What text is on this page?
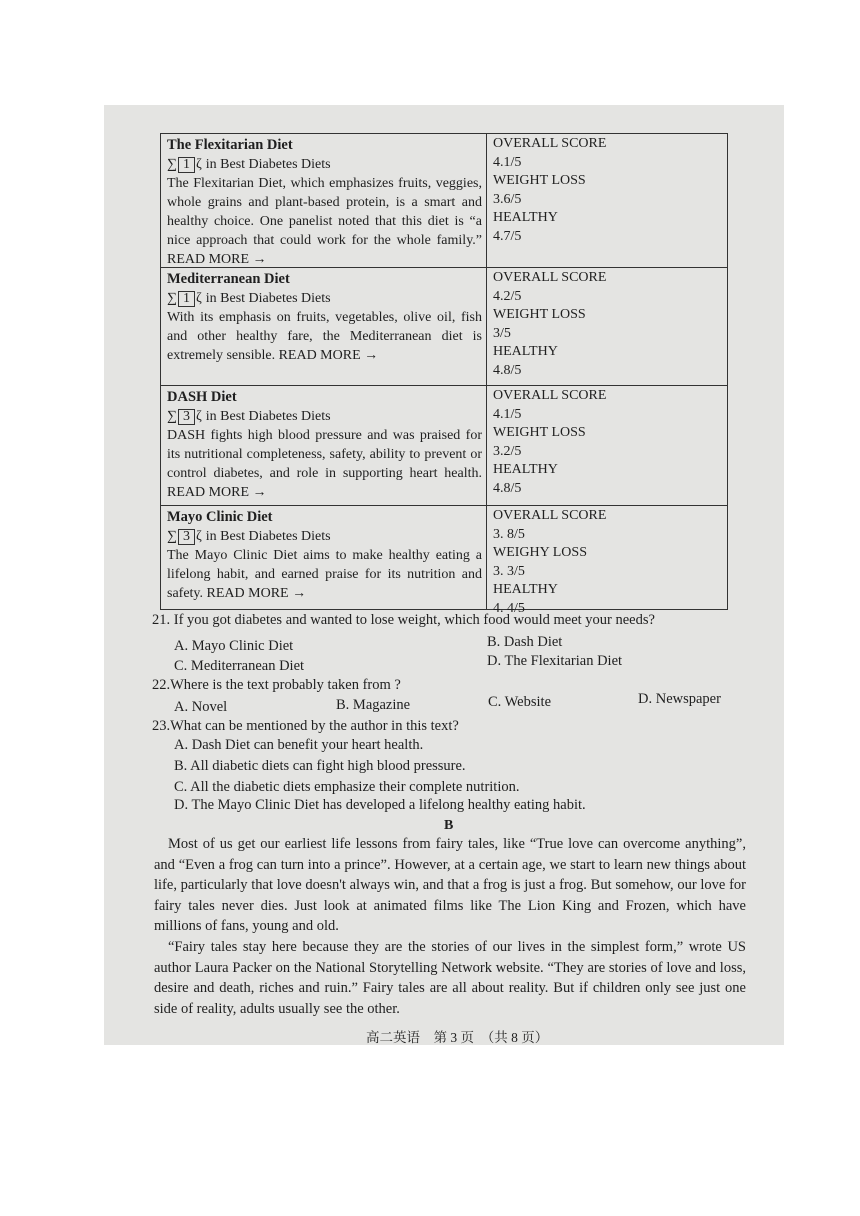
The Flexitarian Diet
∑ 1 ζ in Best Diabetes Diets
The Flexitarian Diet, which emphasizes fruits, veggies, whole grains and plant-based protein, is a smart and healthy choice. One panelist noted that this diet is “a nice approach that could work for the whole family.” READ MORE →
OVERALL SCORE
4.1/5
WEIGHT LOSS
3.6/5
HEALTHY
4.7/5
Mediterranean Diet
∑ 1 ζ in Best Diabetes Diets
With its emphasis on fruits, vegetables, olive oil, fish and other healthy fare, the Mediterranean diet is extremely sensible. READ MORE →
OVERALL SCORE
4.2/5
WEIGHT LOSS
3/5
HEALTHY
4.8/5
DASH Diet
∑ 3 ζ in Best Diabetes Diets
DASH fights high blood pressure and was praised for its nutritional completeness, safety, ability to prevent or control diabetes, and role in supporting heart health. READ MORE →
OVERALL SCORE
4.1/5
WEIGHT LOSS
3.2/5
HEALTHY
4.8/5
Mayo Clinic Diet
∑ 3 ζ in Best Diabetes Diets
The Mayo Clinic Diet aims to make healthy eating a lifelong habit, and earned praise for its nutrition and safety. READ MORE →
OVERALL SCORE
3. 8/5
WEIGHY LOSS
3. 3/5
HEALTHY
4. 4/5
21. If you got diabetes and wanted to lose weight, which food would meet your needs?
A. Mayo Clinic Diet	B. Dash Diet
C. Mediterranean Diet	D. The Flexitarian Diet
22.Where is the text probably taken from ?
A. Novel	B. Magazine	C. Website	D. Newspaper
23.What can be mentioned by the author in this text?
A. Dash Diet can benefit your heart health.
B. All diabetic diets can fight high blood pressure.
C. All the diabetic diets emphasize their complete nutrition.
D. The Mayo Clinic Diet has developed a lifelong healthy eating habit.
B
Most of us get our earliest life lessons from fairy tales, like “True love can overcome anything”, and “Even a frog can turn into a prince”. However, at a certain age, we start to learn new things about life, particularly that love doesn't always win, and that a frog is just a frog. But somehow, our love for fairy tales never dies. Just look at animated films like The Lion King and Frozen, which have millions of fans, young and old.
“Fairy tales stay here because they are the stories of our lives in the simplest form,” wrote US author Laura Packer on the National Storytelling Network website. “They are stories of love and loss, desire and death, riches and ruin.” Fairy tales are all about reality. But if children only see just one side of reality, adults usually see the other.
高二英语　第 3 页　（共 8 页）
